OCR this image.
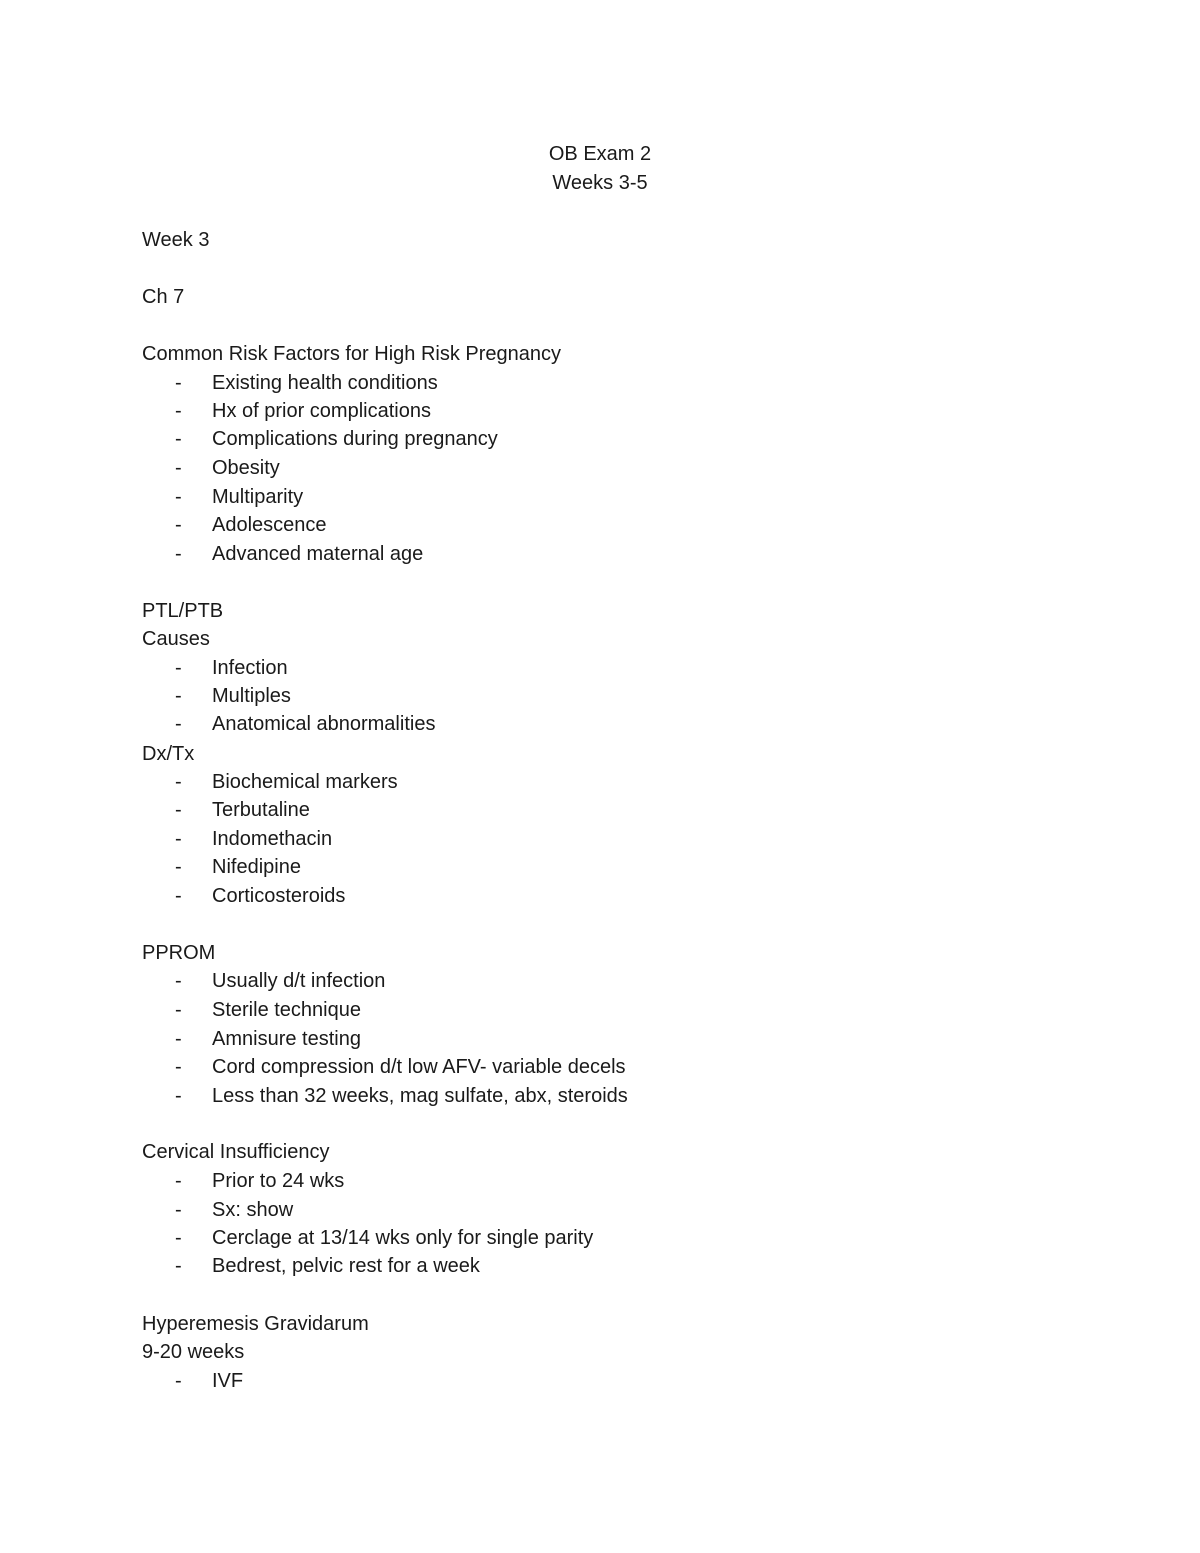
OB Exam 2
Weeks 3-5
Week 3
Ch 7
Common Risk Factors for High Risk Pregnancy
- Existing health conditions
- Hx of prior complications
- Complications during pregnancy
- Obesity
- Multiparity
- Adolescence
- Advanced maternal age
PTL/PTB
Causes
- Infection
- Multiples
- Anatomical abnormalities
Dx/Tx
- Biochemical markers
- Terbutaline
- Indomethacin
- Nifedipine
- Corticosteroids
PPROM
- Usually d/t infection
- Sterile technique
- Amnisure testing
- Cord compression d/t low AFV- variable decels
- Less than 32 weeks, mag sulfate, abx, steroids
Cervical Insufficiency
- Prior to 24 wks
- Sx: show
- Cerclage at 13/14 wks only for single parity
- Bedrest, pelvic rest for a week
Hyperemesis Gravidarum
9-20 weeks
- IVF
